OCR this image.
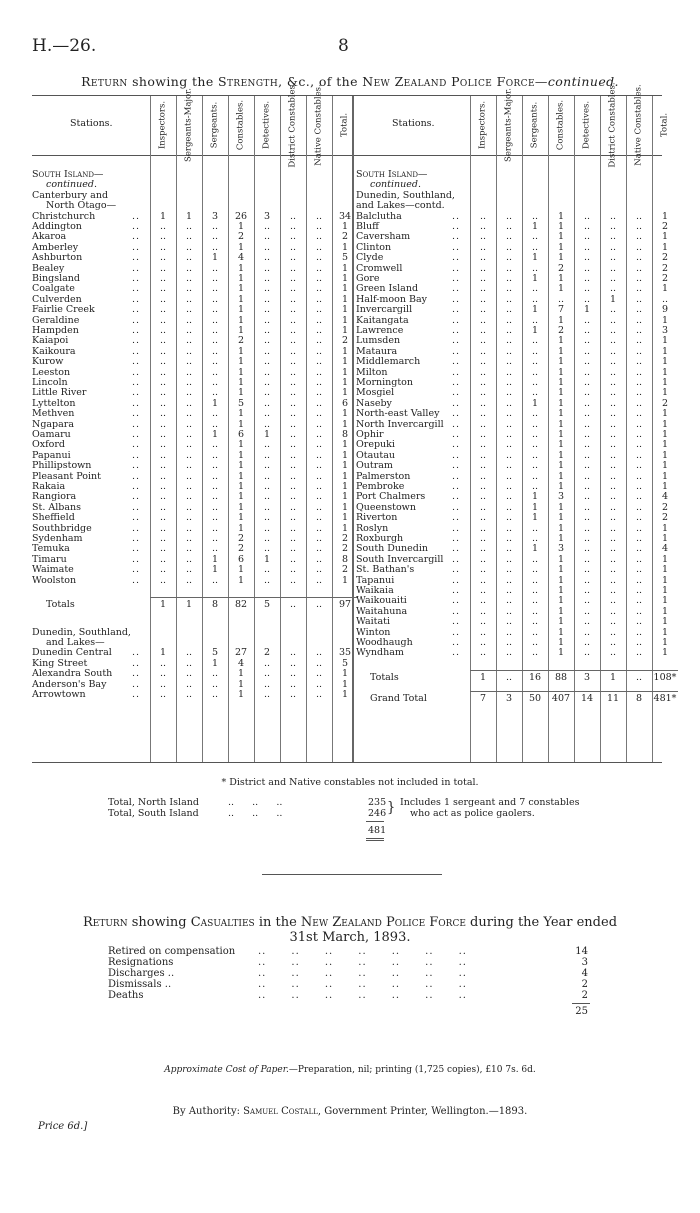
H.—26.	8
Return showing the Strength, &c., of the New Zealand Police Force—continued.
Inspectors. Sergeants-Major. Sergeants. Constables. Detectives. District Constables. Native Constables. Total.
Stations.	Inspectors. Sergeants-Major. Sergeants. Constables. Detectives. District Constables. Native Constables. Total.
Stations.
South Island—
continued.
Canterbury and
North Otago—
Christchurch	..	1	1	3	26	3	..	..	34
Addington	..	..	..	..	1	..	..	..	1
Akaroa	..	..	..	..	2	..	..	..	2
Amberley	..	..	..	..	1	..	..	..	1
Ashburton	..	..	..	1	4	..	..	..	5
Bealey	..	..	..	..	1	..	..	..	1
Bingsland	..	..	..	..	1	..	..	..	1
Coalgate	..	..	..	..	1	..	..	..	1
Culverden	..	..	..	..	1	..	..	..	1
Fairlie Creek	..	..	..	..	1	..	..	..	1
Geraldine	..	..	..	..	1	..	..	..	1
Hampden	..	..	..	..	1	..	..	..	1
Kaiapoi	..	..	..	..	2	..	..	..	2
Kaikoura	..	..	..	..	1	..	..	..	1
Kurow	..	..	..	..	1	..	..	..	1
Leeston	..	..	..	..	1	..	..	..	1
Lincoln	..	..	..	..	1	..	..	..	1
Little River	..	..	..	..	1	..	..	..	1
Lyttelton	..	..	..	1	5	..	..	..	6
Methven	..	..	..	..	1	..	..	..	1
Ngapara	..	..	..	..	1	..	..	..	1
Oamaru	..	..	..	1	6	1	..	..	8
Oxford	..	..	..	..	1	..	..	..	1
Papanui	..	..	..	..	1	..	..	..	1
Phillipstown	..	..	..	..	1	..	..	..	1
Pleasant Point	..	..	..	..	1	..	..	..	1
Rakaia	..	..	..	..	1	..	..	..	1
Rangiora	..	..	..	..	1	..	..	..	1
St. Albans	..	..	..	..	1	..	..	..	1
Sheffield	..	..	..	..	1	..	..	..	1
Southbridge	..	..	..	..	1	..	..	..	1
Sydenham	..	..	..	..	2	..	..	..	2
Temuka	..	..	..	..	2	..	..	..	2
Timaru	..	..	..	1	6	1	..	..	8
Waimate	..	..	..	1	1	..	..	..	2
Woolston	..	..	..	..	1	..	..	..	1
Totals	1	1	8	82	5	..	..	97
Dunedin, Southland,
and Lakes—
Dunedin Central ..	1	..	5	27	2	..	..	35
King Street	..	..	..	1	4	..	..	..	5
Alexandra South ..	..	..	..	1	..	..	..	1
Anderson's Bay	..	..	..	..	1	..	..	..	1
Arrowtown	..	..	..	..	1	..	..	..	1
South Island—
continued.
Dunedin, Southland,
and Lakes—contd.
Balclutha	..	..	..	..	1	..	..	..	1
Bluff	..	..	..	1	1	..	..	..	2
Caversham	..	..	..	..	1	..	..	..	1
Clinton	..	..	..	..	1	..	..	..	1
Clyde	..	..	..	1	1	..	..	..	2
Cromwell	..	..	..	..	2	..	..	..	2
Gore	..	..	..	1	1	..	..	..	2
Green Island	..	..	..	..	1	..	..	..	1
Half-moon Bay	..	..	..	..	..	..	1	..	..
Invercargill	..	..	..	1	7	1	..	..	9
Kaitangata	..	..	..	..	1	..	..	..	1
Lawrence	..	..	..	1	2	..	..	..	3
Lumsden	..	..	..	..	1	..	..	..	1
Mataura	..	..	..	..	1	..	..	..	1
Middlemarch	..	..	..	..	1	..	..	..	1
Milton	..	..	..	..	1	..	..	..	1
Mornington	..	..	..	..	1	..	..	..	1
Mosgiel	..	..	..	..	1	..	..	..	1
Naseby	..	..	..	1	1	..	..	..	2
North-east Valley ..	..	..	..	1	..	..	..	1
North Invercargill ..	..	..	..	1	..	..	..	1
Ophir	..	..	..	..	1	..	..	..	1
Orepuki	..	..	..	..	1	..	..	..	1
Otautau	..	..	..	..	1	..	..	..	1
Outram	..	..	..	..	1	..	..	..	1
Palmerston	..	..	..	..	1	..	..	..	1
Pembroke	..	..	..	..	1	..	..	..	1
Port Chalmers	..	..	..	1	3	..	..	..	4
Queenstown	..	..	..	1	1	..	..	..	2
Riverton	..	..	..	1	1	..	..	..	2
Roslyn	..	..	..	..	1	..	..	..	1
Roxburgh	..	..	..	..	1	..	..	..	1
South Dunedin	..	..	..	1	3	..	..	..	4
South Invercargill ..	..	..	..	1	..	..	..	1
St. Bathan's	..	..	..	..	1	..	..	..	1
Tapanui	..	..	..	..	1	..	..	..	1
Waikaia	..	..	..	..	1	..	..	..	1
Waikouaiti	..	..	..	..	1	..	..	..	1
Waitahuna	..	..	..	..	1	..	..	..	1
Waitati	..	..	..	..	1	..	..	..	1
Winton	..	..	..	..	1	..	..	..	1
Woodhaugh	..	..	..	..	1	..	..	..	1
Wyndham	..	..	..	..	1	..	..	..	1
Totals	1	..	16	88	3	1	..	108*
Grand Total	7	3	50	407	14	11	8	481*
* District and Native constables not included in total.
Total, North Island	..      ..      ..	235
Total, South Island	..      ..      ..	246 } Includes 1 sergeant and 7 constables
who act as police gaolers.
481
Return showing Casualties in the New Zealand Police Force during the Year ended
31st March, 1893.
Retired on compensation ..      ..      ..      ..      ..      ..      ..	14
Resignations	..      ..      ..      ..      ..      ..      ..	3
Discharges ..	..      ..      ..      ..      ..      ..      ..	4
Dismissals ..	..      ..      ..      ..      ..      ..      ..	2
Deaths	..      ..      ..      ..      ..      ..      ..	2
25
Approximate Cost of Paper.—Preparation, nil; printing (1,725 copies), £10 7s. 6d.
By Authority: Samuel Costall, Government Printer, Wellington.—1893.
Price 6d.]
